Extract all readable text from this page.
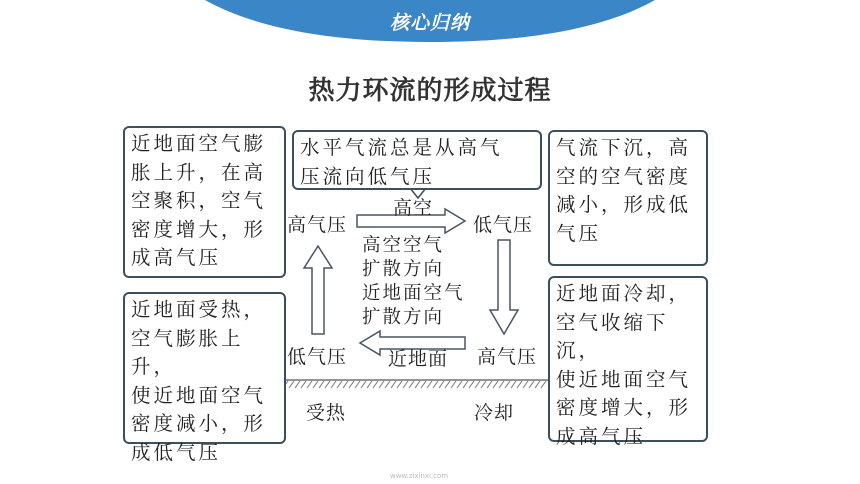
核心归纳
热力环流的形成过程
近地面空气膨
胀上升，在高
空聚积，空气
密度增大，形
成高气压
水平气流总是从高气
压流向低气压
气流下沉，高
空的空气密度
减小，形成低
气压
近地面受热，
空气膨胀上升，
使近地面空气
密度减小，形
成低气压
近地面冷却，
空气收缩下沉，
使近地面空气
密度增大，形
成高气压
高气压
高空
低气压
低气压 近地面 高气压
受热	冷却
高空空气
扩散方向
近地面空气
扩散方向
www.zixinxi.com
